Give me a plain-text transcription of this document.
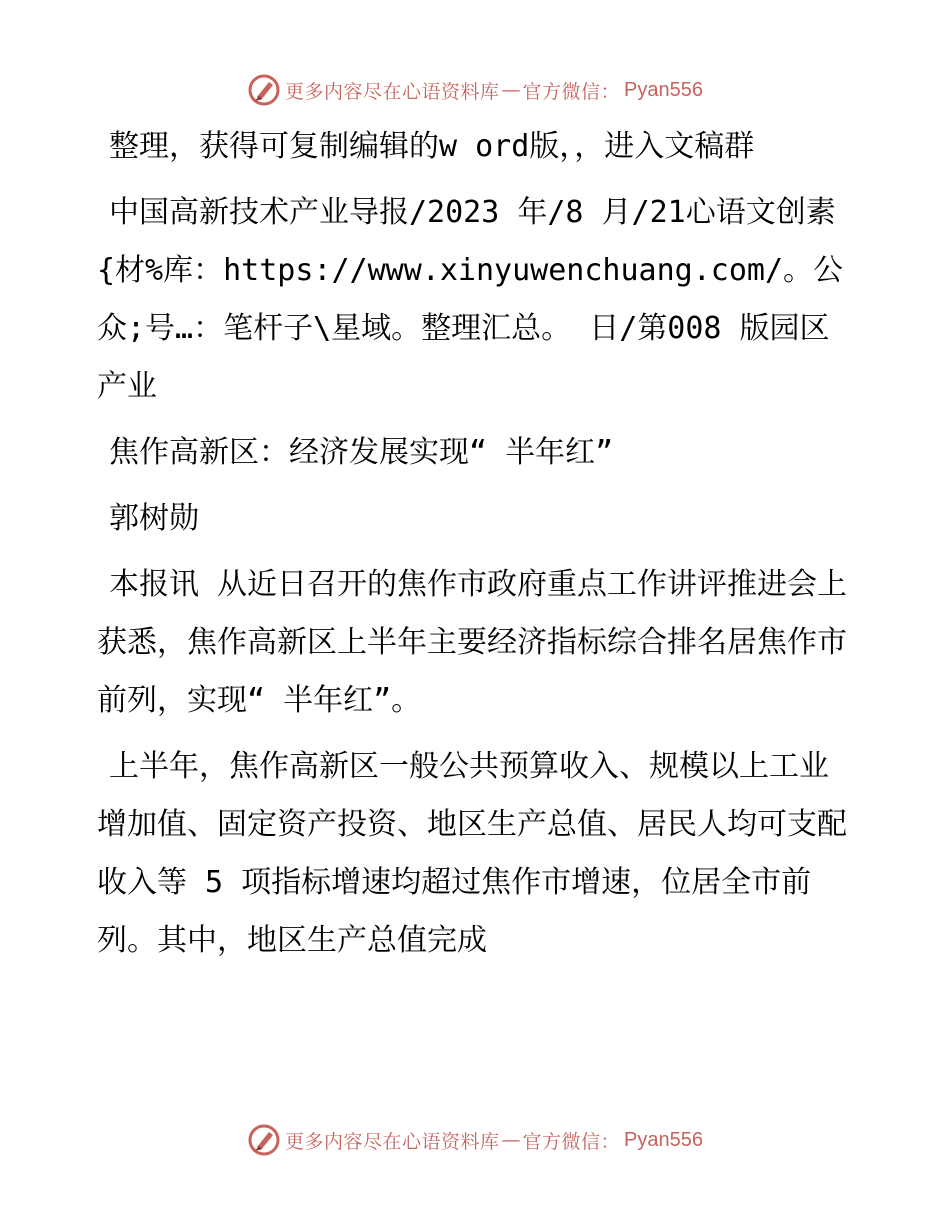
更多内容尽在心语资料库 — 官方微信： Pyan556

整理，获得可复制编辑的w ord版，，进入文稿群

中国高新技术产业导报/2023 年/8 月/21心语文创素{材%库：https://www.xinyuwenchuang.com/。公众;号…：笔杆子\星域。整理汇总。 日/第008 版园区产业

焦作高新区：经济发展实现“ 半年红”

郭树勋

本报讯 从近日召开的焦作市政府重点工作讲评推进会上获悉，焦作高新区上半年主要经济指标综合排名居焦作市前列，实现“ 半年红”。

上半年，焦作高新区一般公共预算收入、规模以上工业增加值、固定资产投资、地区生产总值、居民人均可支配收入等 5 项指标增速均超过焦作市增速，位居全市前列。其中，地区生产总值完成

更多内容尽在心语资料库 — 官方微信： Pyan556
